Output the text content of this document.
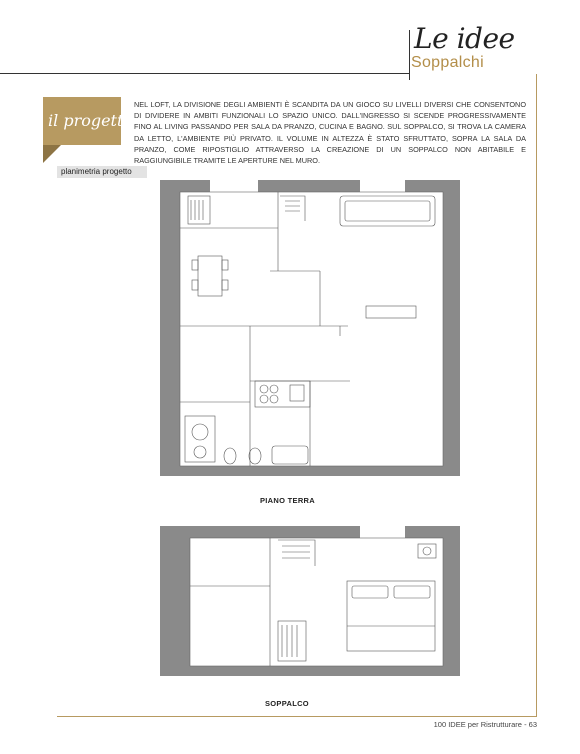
Le idee
Soppalchi
il progetto
NEL LOFT, LA DIVISIONE DEGLI AMBIENTI È SCANDITA DA UN GIOCO SU LIVELLI DIVERSI CHE CONSENTONO DI DIVIDERE IN AMBITI FUNZIONALI LO SPAZIO UNICO. DALL'INGRESSO SI SCENDE PROGRESSIVAMENTE FINO AL LIVING PASSANDO PER SALA DA PRANZO, CUCINA E BAGNO. SUL SOPPALCO, SI TROVA LA CAMERA DA LETTO, L'AMBIENTE PIÙ PRIVATO. IL VOLUME IN ALTEZZA È STATO SFRUTTATO, SOPRA LA SALA DA PRANZO, COME RIPOSTIGLIO ATTRAVERSO LA CREAZIONE DI UN SOPPALCO NON ABITABILE E RAGGIUNGIBILE TRAMITE LE APERTURE NEL MURO.
planimetria progetto
PIANO TERRA
SOPPALCO
100 IDEE per Ristrutturare - 63
